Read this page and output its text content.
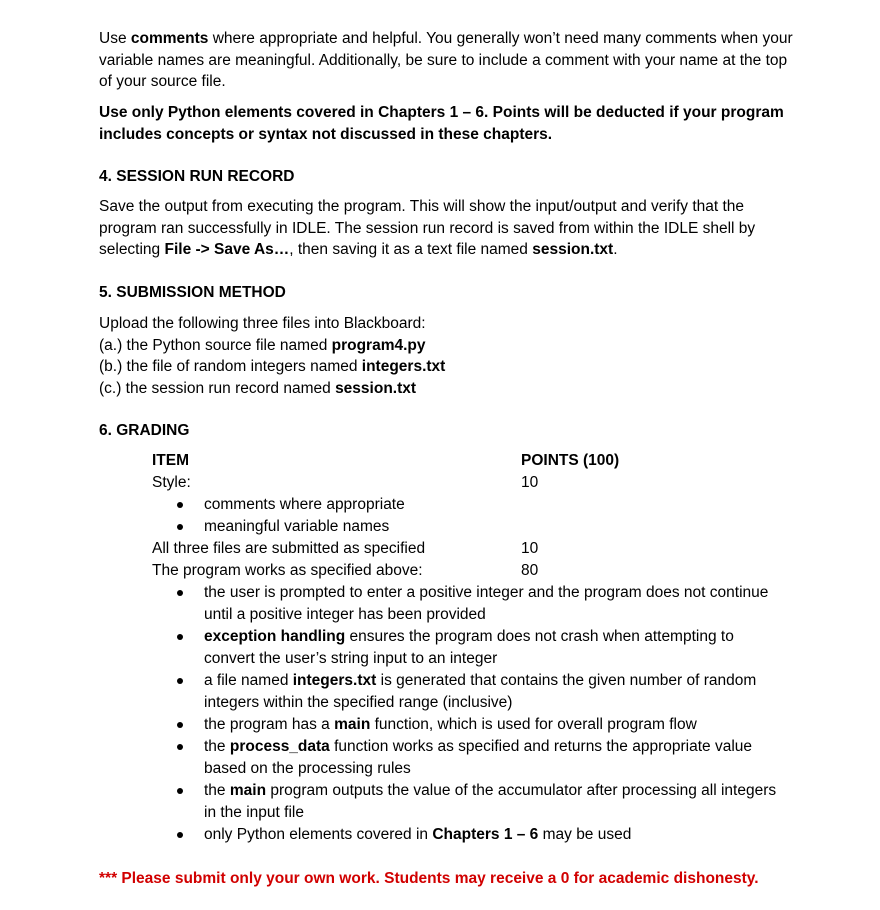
Use comments where appropriate and helpful. You generally won’t need many comments when your variable names are meaningful. Additionally, be sure to include a comment with your name at the top of your source file.

Use only Python elements covered in Chapters 1 – 6. Points will be deducted if your program includes concepts or syntax not discussed in these chapters.

4. SESSION RUN RECORD

Save the output from executing the program. This will show the input/output and verify that the program ran successfully in IDLE. The session run record is saved from within the IDLE shell by selecting File -> Save As…, then saving it as a text file named session.txt.

5. SUBMISSION METHOD

Upload the following three files into Blackboard:

(a.) the Python source file named program4.py

(b.) the file of random integers named integers.txt

(c.) the session run record named session.txt

6. GRADING

ITEM	POINTS (100)
Style:	10
comments where appropriate
meaningful variable names
All three files are submitted as specified	10
The program works as specified above:	80
the user is prompted to enter a positive integer and the program does not continue until a positive integer has been provided
exception handling ensures the program does not crash when attempting to convert the user’s string input to an integer
a file named integers.txt is generated that contains the given number of random integers within the specified range (inclusive)
the program has a main function, which is used for overall program flow
the process_data function works as specified and returns the appropriate value based on the processing rules
the main program outputs the value of the accumulator after processing all integers in the input file
only Python elements covered in Chapters 1 – 6 may be used

*** Please submit only your own work. Students may receive a 0 for academic dishonesty.
